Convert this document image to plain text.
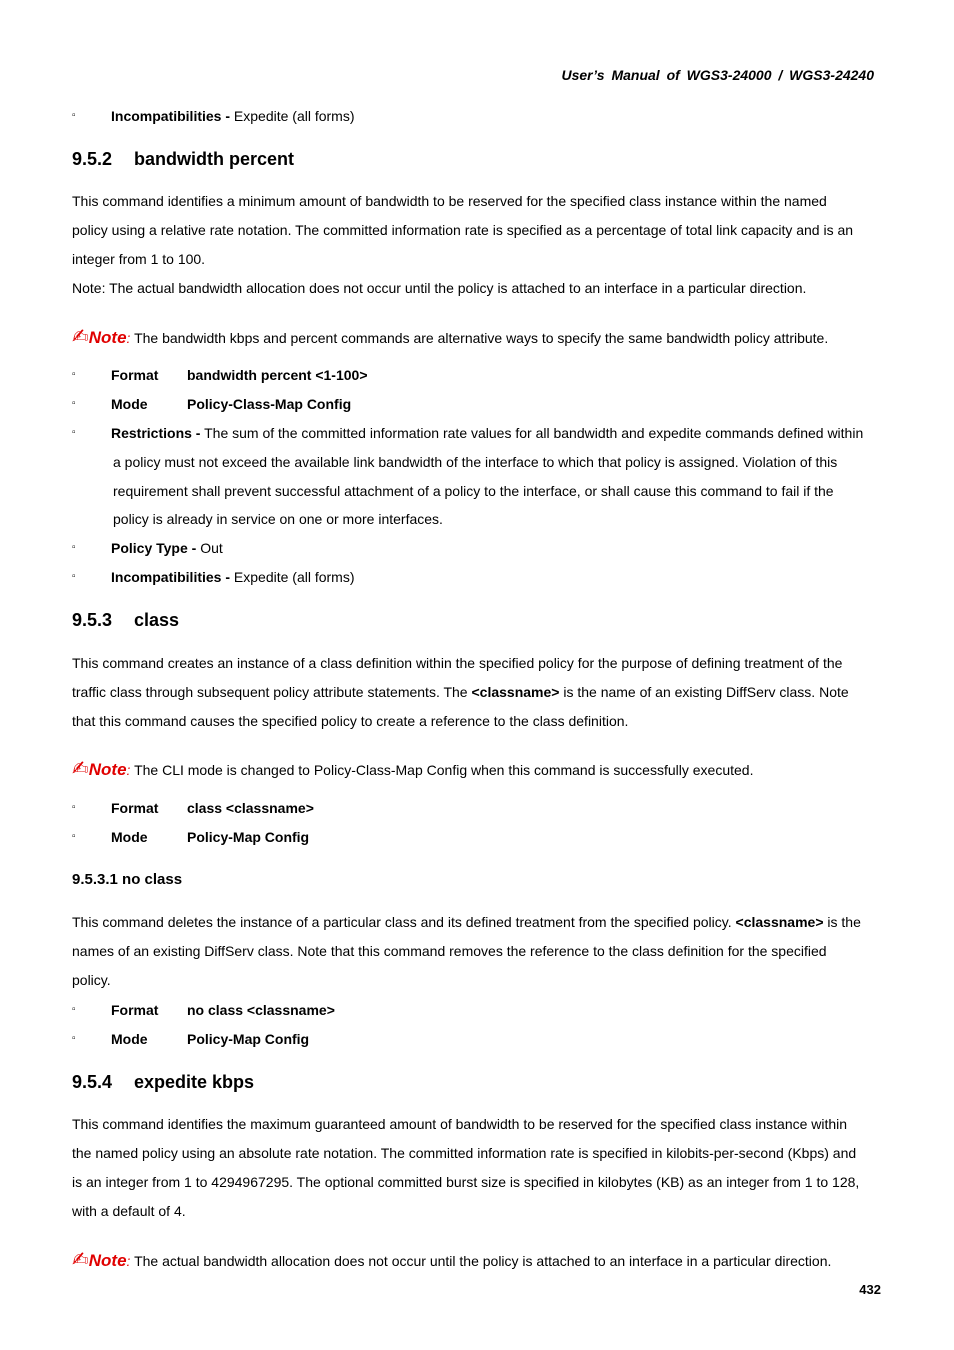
User’s Manual of WGS3-24000 / WGS3-24240
▫	Incompatibilities - Expedite (all forms)
9.5.2 bandwidth percent
This command identifies a minimum amount of bandwidth to be reserved for the specified class instance within the named
policy using a relative rate notation. The committed information rate is specified as a percentage of total link capacity and is an
integer from 1 to 100.
Note: The actual bandwidth allocation does not occur until the policy is attached to an interface in a particular direction.
✍Note: The bandwidth kbps and percent commands are alternative ways to specify the same bandwidth policy attribute.
▫	Format bandwidth percent <1-100>
▫	Mode	Policy-Class-Map Config
▫	Restrictions - The sum of the committed information rate values for all bandwidth and expedite commands defined within
a policy must not exceed the available link bandwidth of the interface to which that policy is assigned. Violation of this
requirement shall prevent successful attachment of a policy to the interface, or shall cause this command to fail if the
policy is already in service on one or more interfaces.
▫	Policy Type - Out
▫	Incompatibilities - Expedite (all forms)
9.5.3 class
This command creates an instance of a class definition within the specified policy for the purpose of defining treatment of the
traffic class through subsequent policy attribute statements. The <classname> is the name of an existing DiffServ class. Note
that this command causes the specified policy to create a reference to the class definition.
✍Note: The CLI mode is changed to Policy-Class-Map Config when this command is successfully executed.
▫	Format class <classname>
▫	Mode	Policy-Map Config
9.5.3.1 no class
This command deletes the instance of a particular class and its defined treatment from the specified policy. <classname> is the
names of an existing DiffServ class. Note that this command removes the reference to the class definition for the specified
policy.
▫	Format no class <classname>
▫	Mode	Policy-Map Config
9.5.4 expedite kbps
This command identifies the maximum guaranteed amount of bandwidth to be reserved for the specified class instance within
the named policy using an absolute rate notation. The committed information rate is specified in kilobits-per-second (Kbps) and
is an integer from 1 to 4294967295. The optional committed burst size is specified in kilobytes (KB) as an integer from 1 to 128,
with a default of 4.
✍Note: The actual bandwidth allocation does not occur until the policy is attached to an interface in a particular direction.
432
